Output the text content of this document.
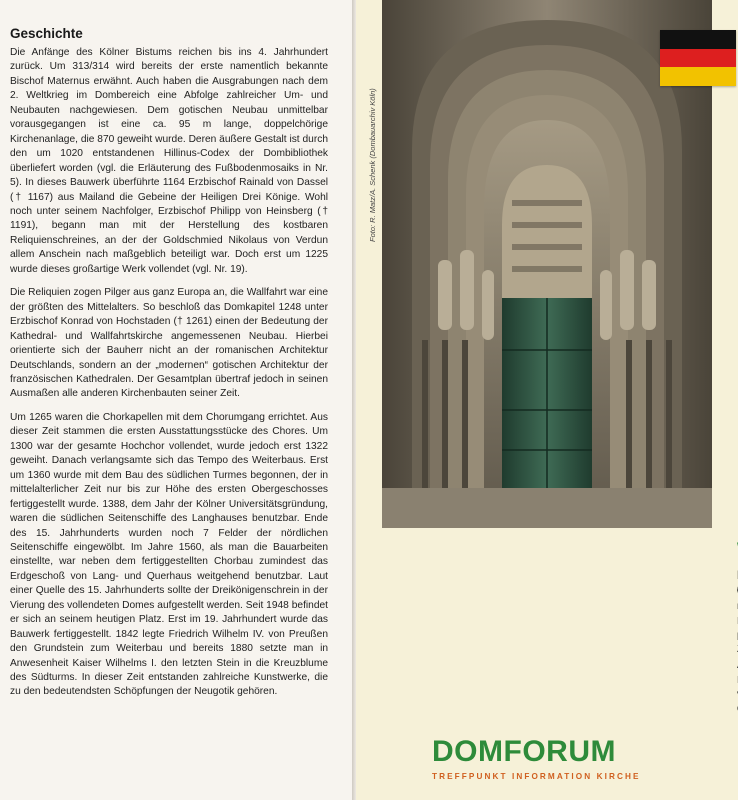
Geschichte

Die Anfänge des Kölner Bistums reichen bis ins 4. Jahrhundert zurück. Um 313/314 wird bereits der erste namentlich bekannte Bischof Maternus erwähnt. Auch haben die Ausgrabungen nach dem 2. Weltkrieg im Dombereich eine Abfolge zahlreicher Um- und Neubauten nachgewiesen. Dem gotischen Neubau unmittelbar vorausgegangen ist eine ca. 95 m lange, doppelchörige Kirchenanlage, die 870 geweiht wurde. Deren äußere Gestalt ist durch den um 1020 entstandenen Hillinus-Codex der Dombibliothek überliefert worden (vgl. die Erläuterung des Fußbodenmosaiks in Nr. 5). In dieses Bauwerk überführte 1164 Erzbischof Rainald von Dassel († 1167) aus Mailand die Gebeine der Heiligen Drei Könige. Wohl noch unter seinem Nachfolger, Erzbischof Philipp von Heinsberg († 1191), begann man mit der Herstellung des kostbaren Reliquienschreines, an der der Goldschmied Nikolaus von Verdun allem Anschein nach maßgeblich beteiligt war. Doch erst um 1225 wurde dieses großartige Werk vollendet (vgl. Nr. 19).

Die Reliquien zogen Pilger aus ganz Europa an, die Wallfahrt war eine der größten des Mittelalters. So beschloß das Domkapitel 1248 unter Erzbischof Konrad von Hochstaden († 1261) einen der Bedeutung der Kathedral- und Wallfahrtskirche angemessenen Neubau. Hierbei orientierte sich der Bauherr nicht an der romanischen Architektur Deutschlands, sondern an der „modernen“ gotischen Architektur der französischen Kathedralen. Der Gesamtplan übertraf jedoch in seinen Ausmaßen alle anderen Kirchenbauten seiner Zeit.

Um 1265 waren die Chorkapellen mit dem Chorumgang errichtet. Aus dieser Zeit stammen die ersten Ausstattungsstücke des Chores. Um 1300 war der gesamte Hochchor vollendet, wurde jedoch erst 1322 geweiht. Danach verlangsamte sich das Tempo des Weiterbaus. Erst um 1360 wurde mit dem Bau des südlichen Turmes begonnen, der in mittelalterlicher Zeit nur bis zur Höhe des ersten Obergeschosses fertiggestellt wurde. 1388, dem Jahr der Kölner Universitätsgründung, waren die südlichen Seitenschiffe des Langhauses benutzbar. Ende des 15. Jahrhunderts wurden noch 7 Felder der nördlichen Seitenschiffe eingewölbt. Im Jahre 1560, als man die Bauarbeiten einstellte, war neben dem fertiggestellten Chorbau zumindest das Erdgeschoß von Lang- und Querhaus weitgehend benutzbar. Laut einer Quelle des 15. Jahrhunderts sollte der Dreikönigenschrein in der Vierung des vollendeten Domes aufgestellt werden. Seit 1948 befindet er sich an seinem heutigen Platz. Erst im 19. Jahrhundert wurde das Bauwerk fertiggestellt. 1842 legte Friedrich Wilhelm IV. von Preußen den Grundstein zum Weiterbau und bereits 1880 setzte man in Anwesenheit Kaiser Wilhelms I. den letzten Stein in die Kreuzblume des Südturms. In dieser Zeit entstanden zahlreiche Kunstwerke, die zu den bedeutendsten Schöpfungen der Neugotik gehören.

Foto: R. Matz/A. Schenk (Dombauarchiv Köln)
DOMFORUM
TREFFPUNKT INFORMATION KIRCHE
